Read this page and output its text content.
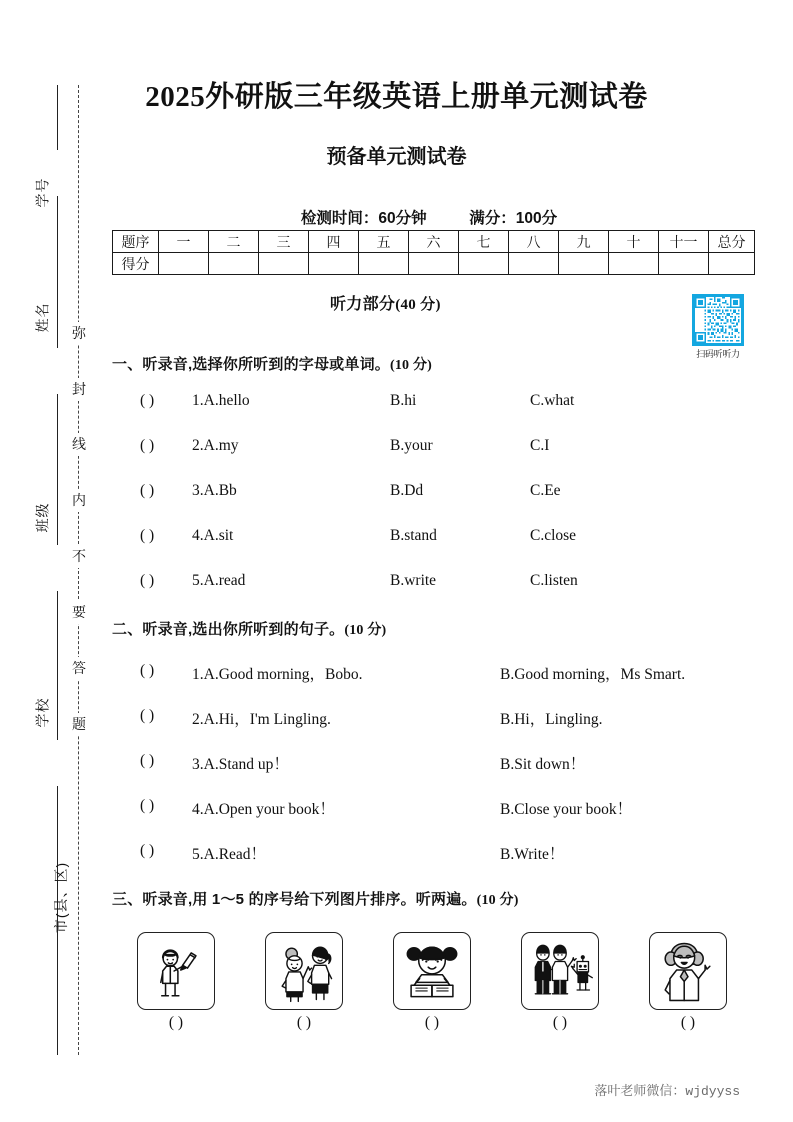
学号
姓名
班级
学校
市(县、区)
弥
封
线
内
不
要
答
题
2025外研版三年级英语上册单元测试卷
预备单元测试卷
检测时间：60分钟	满分：100分
题序	一	二	三	四	五	六	七	八	九	十	十一	总分
得分												
听力部分(40 分)
扫码听听力
一、听录音,选择你所听到的字母或单词。(10 分)
( ) 1.A.hello	B.hi	C.what
( ) 2.A.my	B.your	C.I
( ) 3.A.Bb	B.Dd	C.Ee
( ) 4.A.sit	B.stand	C.close
( ) 5.A.read	B.write	C.listen
二、听录音,选出你所听到的句子。(10 分)
( ) 1.A.Good morning，Bobo.	B.Good morning，Ms Smart.
( ) 2.A.Hi，I'm Lingling.	B.Hi，Lingling.
( ) 3.A.Stand up！	B.Sit down！
( ) 4.A.Open your book！	B.Close your book！
( ) 5.A.Read！	B.Write！
三、听录音,用 1～5 的序号给下列图片排序。听两遍。(10 分)
( )	( )	( )	( )	( )
落叶老师微信：wjdyyss
